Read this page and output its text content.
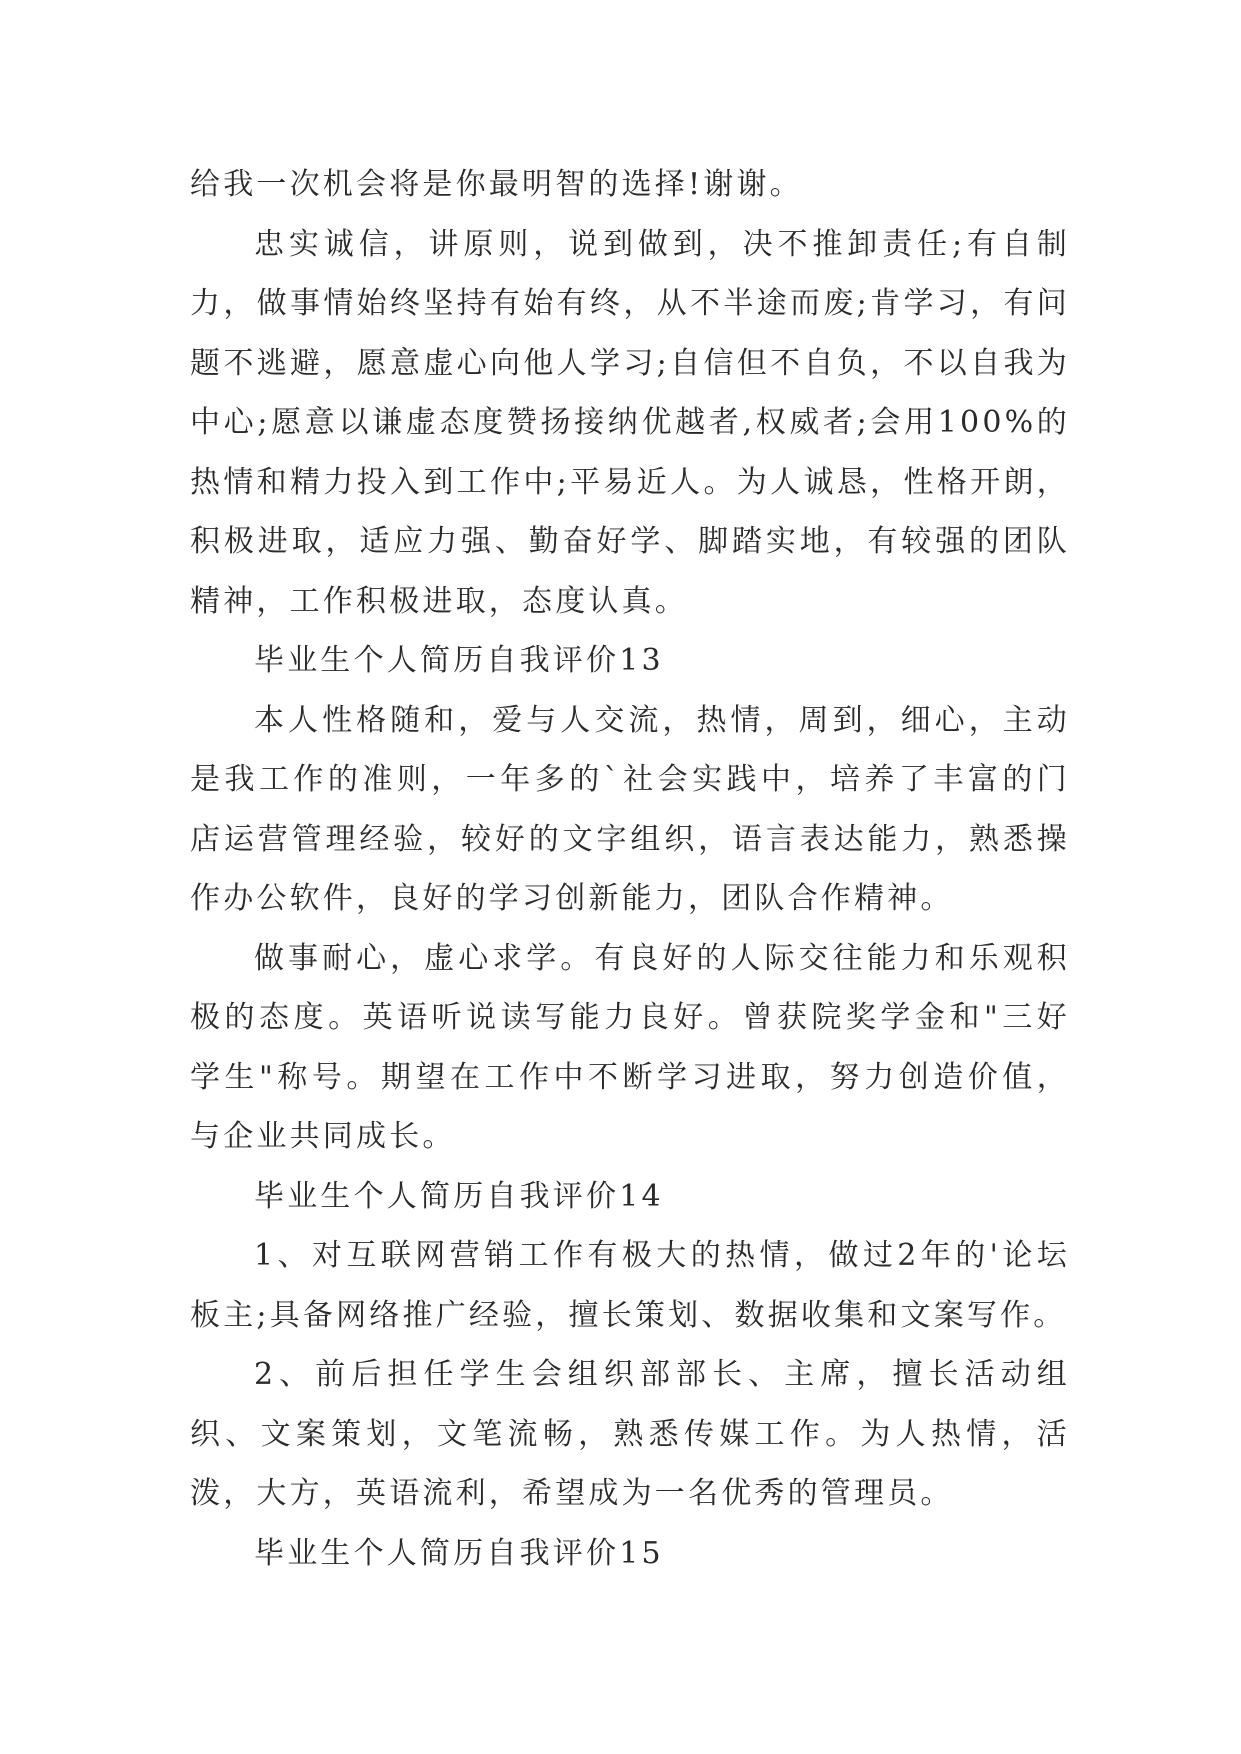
给我一次机会将是你最明智的选择!谢谢。

忠实诚信，讲原则，说到做到，决不推卸责任;有自制力，做事情始终坚持有始有终，从不半途而废;肯学习，有问题不逃避，愿意虚心向他人学习;自信但不自负，不以自我为中心;愿意以谦虚态度赞扬接纳优越者,权威者;会用100%的热情和精力投入到工作中;平易近人。为人诚恳，性格开朗，积极进取，适应力强、勤奋好学、脚踏实地，有较强的团队精神，工作积极进取，态度认真。

毕业生个人简历自我评价13

本人性格随和，爱与人交流，热情，周到，细心，主动是我工作的准则，一年多的`社会实践中，培养了丰富的门店运营管理经验，较好的文字组织，语言表达能力，熟悉操作办公软件，良好的学习创新能力，团队合作精神。

做事耐心，虚心求学。有良好的人际交往能力和乐观积极的态度。英语听说读写能力良好。曾获院奖学金和"三好学生"称号。期望在工作中不断学习进取，努力创造价值，与企业共同成长。

毕业生个人简历自我评价14

1、对互联网营销工作有极大的热情，做过2年的'论坛板主;具备网络推广经验，擅长策划、数据收集和文案写作。

2、前后担任学生会组织部部长、主席，擅长活动组织、文案策划，文笔流畅，熟悉传媒工作。为人热情，活泼，大方，英语流利，希望成为一名优秀的管理员。

毕业生个人简历自我评价15
